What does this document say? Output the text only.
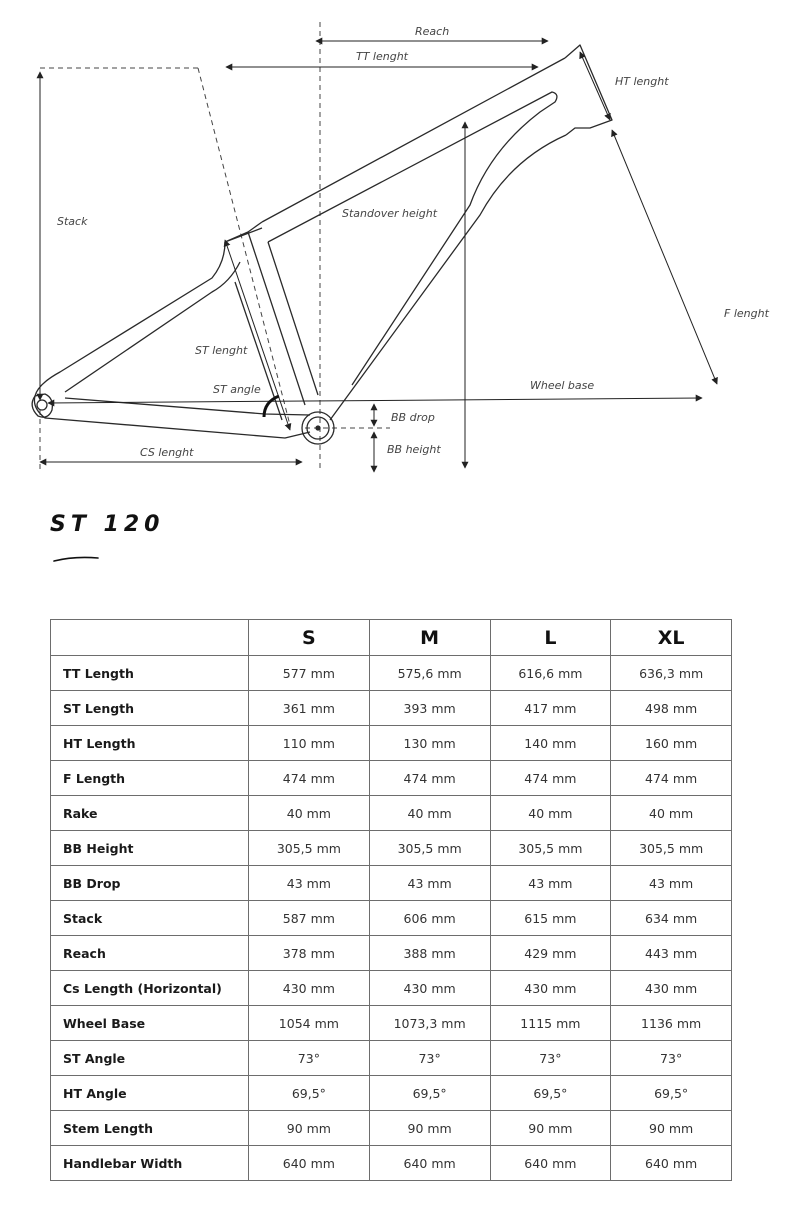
Reach
TT lenght
HT lenght
Stack
Standover height
F lenght
ST lenght
ST angle	Wheel base
BB drop
BB height
CS lenght
ST 120
	S	M	L	XL
TT Length	577 mm	575,6 mm	616,6 mm	636,3 mm
ST Length	361 mm	393 mm	417 mm	498 mm
HT Length	110 mm	130 mm	140 mm	160 mm
F Length	474 mm	474 mm	474 mm	474 mm
Rake	40 mm	40 mm	40 mm	40 mm
BB Height	305,5 mm	305,5 mm	305,5 mm	305,5 mm
BB Drop	43 mm	43 mm	43 mm	43 mm
Stack	587 mm	606 mm	615 mm	634 mm
Reach	378 mm	388 mm	429 mm	443 mm
Cs Length (Horizontal)	430 mm	430 mm	430 mm	430 mm
Wheel Base	1054 mm	1073,3 mm	1115 mm	1136 mm
ST Angle	73°	73°	73°	73°
HT Angle	69,5°	69,5°	69,5°	69,5°
Stem Length	90 mm	90 mm	90 mm	90 mm
Handlebar Width	640 mm	640 mm	640 mm	640 mm
